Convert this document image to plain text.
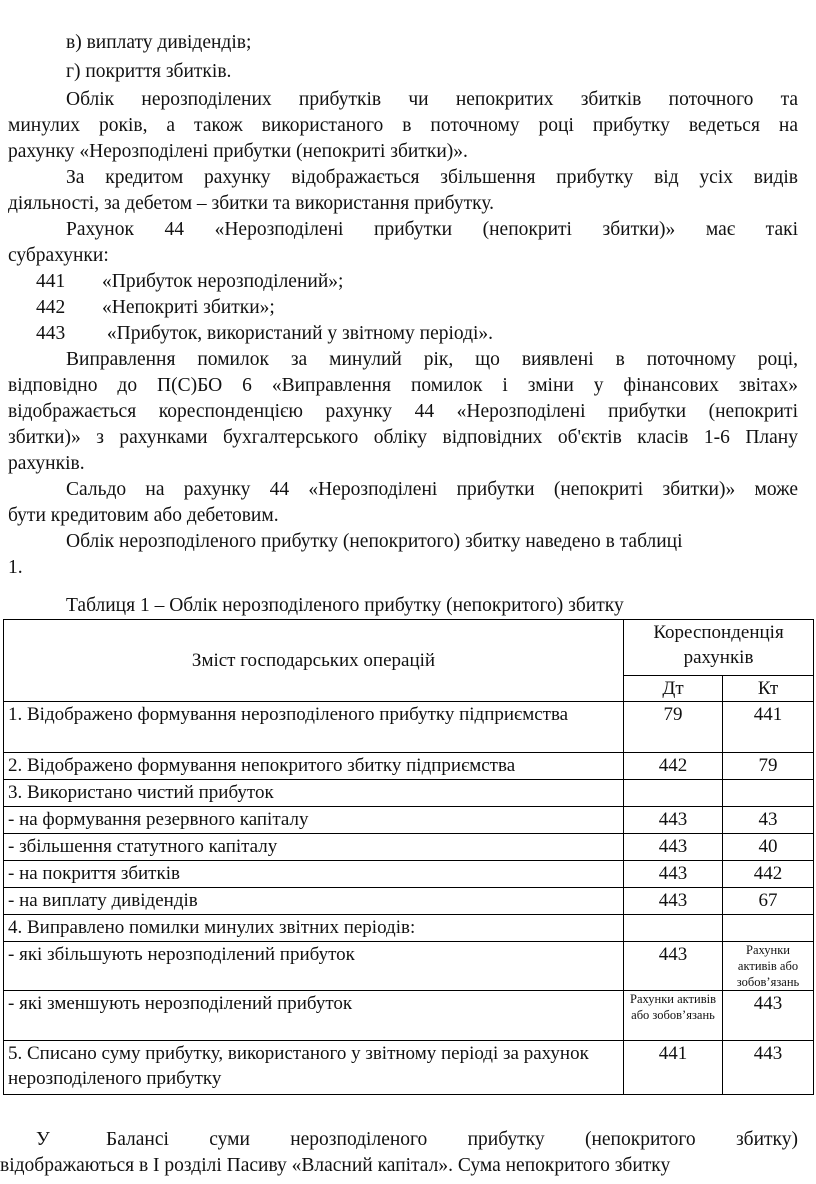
в) виплату дивідендів;
г) покриття збитків.
Облік нерозподілених прибутків чи непокритих збитків поточного та
минулих років, а також використаного в поточному році прибутку ведеться на
рахунку «Нерозподілені прибутки (непокриті збитки)».
За кредитом рахунку відображається збільшення прибутку від усіх видів
діяльності, за дебетом – збитки та використання прибутку.
Рахунок 44 «Нерозподілені прибутки (непокриті збитки)» має такі
субрахунки:
441 «Прибуток нерозподілений»;
442 «Непокриті збитки»;
443 «Прибуток, використаний у звітному періоді».
Виправлення помилок за минулий рік, що виявлені в поточному році,
відповідно до П(С)БО 6 «Виправлення помилок і зміни у фінансових звітах»
відображається кореспонденцією рахунку 44 «Нерозподілені прибутки (непокриті
збитки)» з рахунками бухгалтерського обліку відповідних об'єктів класів 1-6 Плану
рахунків.
Сальдо на рахунку 44 «Нерозподілені прибутки (непокриті збитки)» може
бути кредитовим або дебетовим.
Облік нерозподіленого прибутку (непокритого) збитку наведено в таблиці
1.
Таблиця 1 – Облік нерозподіленого прибутку (непокритого) збитку
Зміст господарських операцій	Кореспонденція
рахунків	

	Дт	Кт
1. Відображено формування нерозподіленого прибутку підприємства	79	441
2. Відображено формування непокритого збитку підприємства	442	79
3. Використано чистий прибуток		
- на формування резервного капіталу	443	43
- збільшення статутного капіталу	443	40
- на покриття збитків	443	442
- на виплату дивідендів	443	67
4. Виправлено помилки минулих звітних періодів:		
- які збільшують нерозподілений прибуток	443	Рахунки активів або зобов’язань
- які зменшують нерозподілений прибуток	Рахунки активів або зобов’язань	443
5. Списано суму прибутку, використаного у звітному періоді за рахунок нерозподіленого прибутку	441	443
У	Балансі суми нерозподіленого прибутку (непокритого збитку)
відображаються в І розділі Пасиву «Власний капітал». Сума непокритого збитку
